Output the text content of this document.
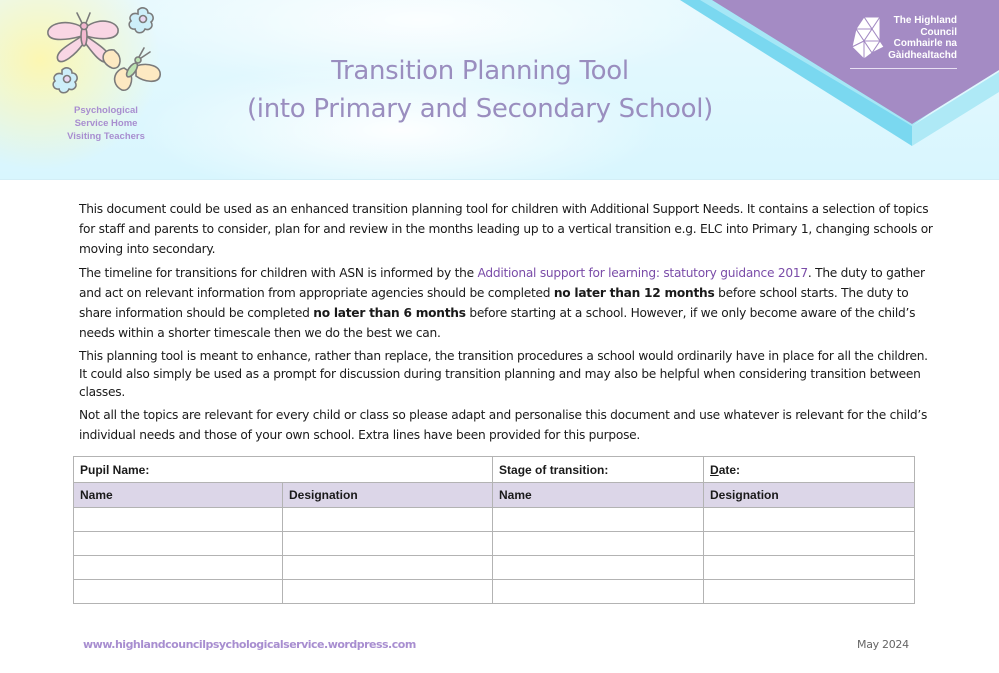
Psychological
Service Home
Visiting Teachers
Transition Planning Tool
(into Primary and Secondary School)
The Highland
Council
Comhairle na
Gàidhealtachd

This document could be used as an enhanced transition planning tool for children with Additional Support Needs. It contains a selection of topics for staff and parents to consider, plan for and review in the months leading up to a vertical transition e.g. ELC into Primary 1, changing schools or moving into secondary.

The timeline for transitions for children with ASN is informed by the Additional support for learning: statutory guidance 2017. The duty to gather and act on relevant information from appropriate agencies should be completed no later than 12 months before school starts. The duty to share information should be completed no later than 6 months before starting at a school. However, if we only become aware of the child’s needs within a shorter timescale then we do the best we can.

This planning tool is meant to enhance, rather than replace, the transition procedures a school would ordinarily have in place for all the children. It could also simply be used as a prompt for discussion during transition planning and may also be helpful when considering transition between classes.

Not all the topics are relevant for every child or class so please adapt and personalise this document and use whatever is relevant for the child’s individual needs and those of your own school. Extra lines have been provided for this purpose.

Pupil Name:		Stage of transition:	Date:
Name	Designation	Name	Designation

www.highlandcouncilpsychologicalservice.wordpress.com	May 2024
